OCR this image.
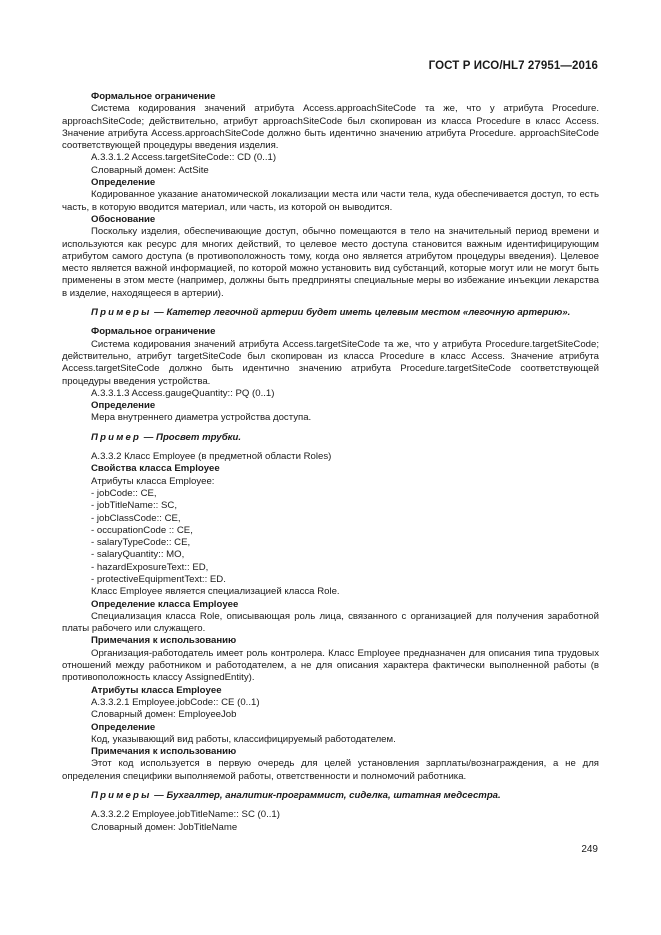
ГОСТ Р ИСО/HL7 27951—2016

Формальное ограничение

Система кодирования значений атрибута Access.approachSiteCode та же, что у атрибута Procedure. approachSiteCode; действительно, атрибут approachSiteCode был скопирован из класса Procedure в класс Access. Значение атрибута Access.approachSiteCode должно быть идентично значению атрибута Procedure. approachSiteCode соответствующей процедуры введения изделия.

A.3.3.1.2 Access.targetSiteCode:: CD (0..1)

Словарный домен: ActSite

Определение

Кодированное указание анатомической локализации места или части тела, куда обеспечивается доступ, то есть часть, в которую вводится материал, или часть, из которой он выводится.

Обоснование

Поскольку изделия, обеспечивающие доступ, обычно помещаются в тело на значительный период времени и используются как ресурс для многих действий, то целевое место доступа становится важным идентифицирующим атрибутом самого доступа (в противоположность тому, когда оно является атрибутом процедуры введения). Целевое место является важной информацией, по которой можно установить вид субстанций, которые могут или не могут быть применены в этом месте (например, должны быть предприняты специальные меры во избежание инъекции лекарства в изделие, находящееся в артерии).

Примеры — Катетер легочной артерии будет иметь целевым местом «легочную артерию».

Формальное ограничение

Система кодирования значений атрибута Access.targetSiteCode та же, что у атрибута Procedure.targetSiteCode; действительно, атрибут targetSiteCode был скопирован из класса Procedure в класс Access. Значение атрибута Access.targetSiteCode должно быть идентично значению атрибута Procedure.targetSiteCode соответствующей процедуры введения устройства.

A.3.3.1.3 Access.gaugeQuantity:: PQ (0..1)

Определение

Мера внутреннего диаметра устройства доступа.

Пример — Просвет трубки.

A.3.3.2 Класс Employee (в предметной области Roles)

Свойства класса Employee

Атрибуты класса Employee:

- jobCode:: CE,

- jobTitleName:: SC,

- jobClassCode:: CE,

- occupationCode :: CE,

- salaryTypeCode:: CE,

- salaryQuantity:: MO,

- hazardExposureText:: ED,

- protectiveEquipmentText:: ED.

Класс Employee является специализацией класса Role.

Определение класса Employee

Специализация класса Role, описывающая роль лица, связанного с организацией для получения заработной платы рабочего или служащего.

Примечания к использованию

Организация-работодатель имеет роль контролера. Класс Employee предназначен для описания типа трудовых отношений между работником и работодателем, а не для описания характера фактически выполненной работы (в противоположность классу AssignedEntity).

Атрибуты класса Employee

A.3.3.2.1 Employee.jobCode:: CE (0..1)

Словарный домен: EmployeeJob

Определение

Код, указывающий вид работы, классифицируемый работодателем.

Примечания к использованию

Этот код используется в первую очередь для целей установления зарплаты/вознаграждения, а не для определения специфики выполняемой работы, ответственности и полномочий работника.

Примеры — Бухгалтер, аналитик-программист, сиделка, штатная медсестра.

A.3.3.2.2 Employee.jobTitleName:: SC (0..1)

Словарный домен: JobTitleName

249
